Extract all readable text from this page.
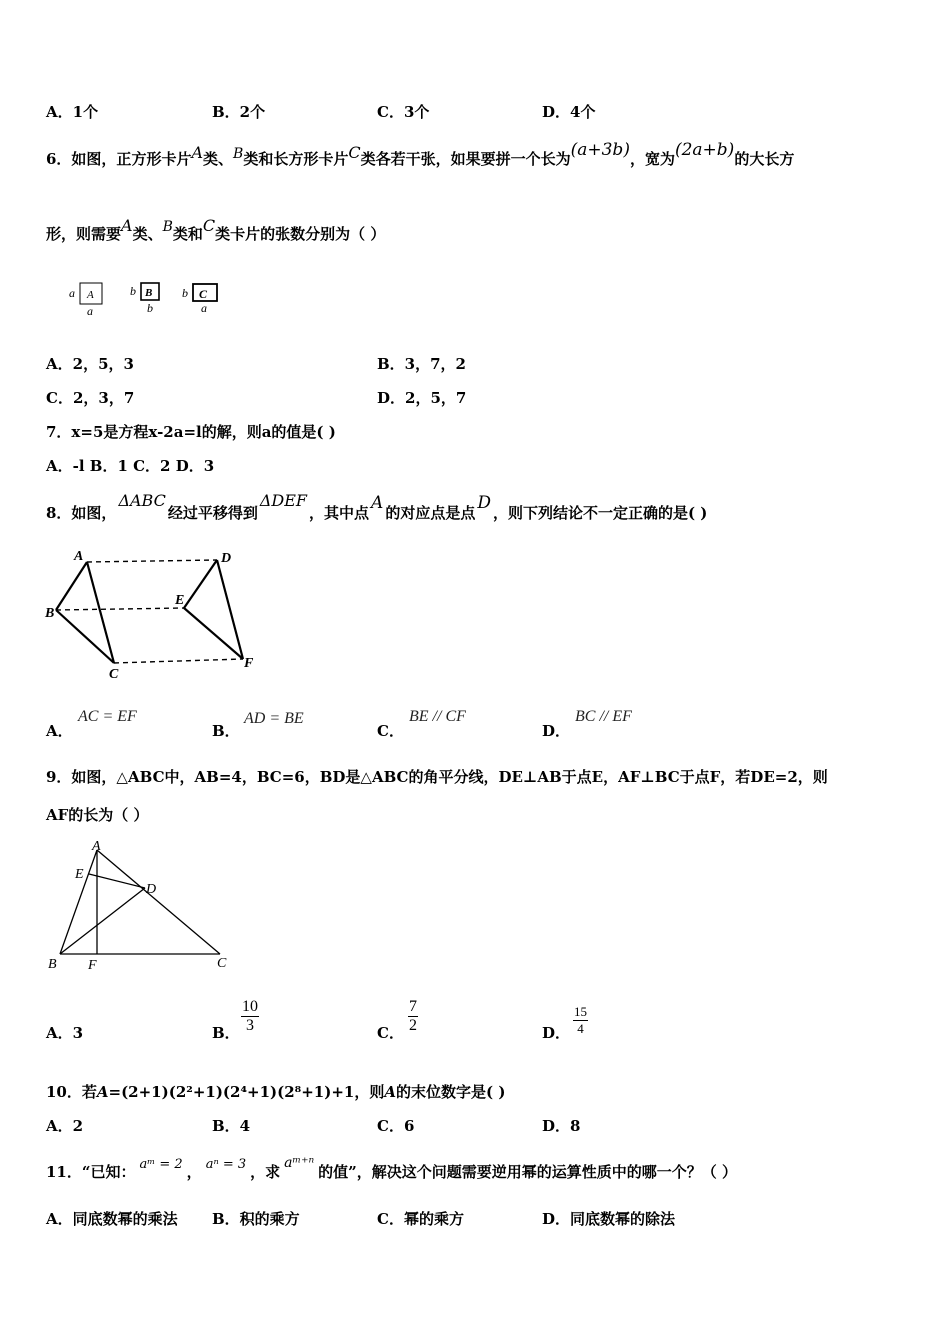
A．1个	B．2个	C．3个	D．4个
6．如图，正方形卡片A类、B类和长方形卡片C类各若干张，如果要拼一个长为(a+3b)，宽为(2a+b)的大长方
形，则需要A类、B类和C类卡片的张数分别为（ ）
a A
a
b B
b
b C
a
A．2，5，3	B．3，7，2
C．2，3，7	D．2，5，7
7．x=5是方程x-2a=l的解，则a的值是( )
A．-l B．1 C．2 D．3
8．如图，ΔABC经过平移得到ΔDEF，其中点 A 的对应点是点 D ，则下列结论不一定正确的是( )
A
B
C
D
E
F
A．
AC = EF
B．
AD = BE
C．
BE // CF
D．
BC // EF
9．如图，△ABC中，AB=4，BC=6，BD是△ABC的角平分线，DE⊥AB于点E，AF⊥BC于点F，若DE=2，则
AF的长为（ ）
A
E
D
B F	C
A．3	B． $\frac{10}{3}$	C． $\frac{7}{2}$	D． $\frac{15}{4}$
10．若A=(2+1)(2²+1)(2⁴+1)(2⁸+1)+1，则A的末位数字是( )
A．2	B．4	C．6	D．8
11．“已知： aᵐ = 2 ， aⁿ = 3 ，求 aᵐ⁺ⁿ 的值”，解决这个问题需要逆用幂的运算性质中的哪一个？（ ）
A．同底数幂的乘法 B．积的乘方	C．幂的乘方	D．同底数幂的除法
